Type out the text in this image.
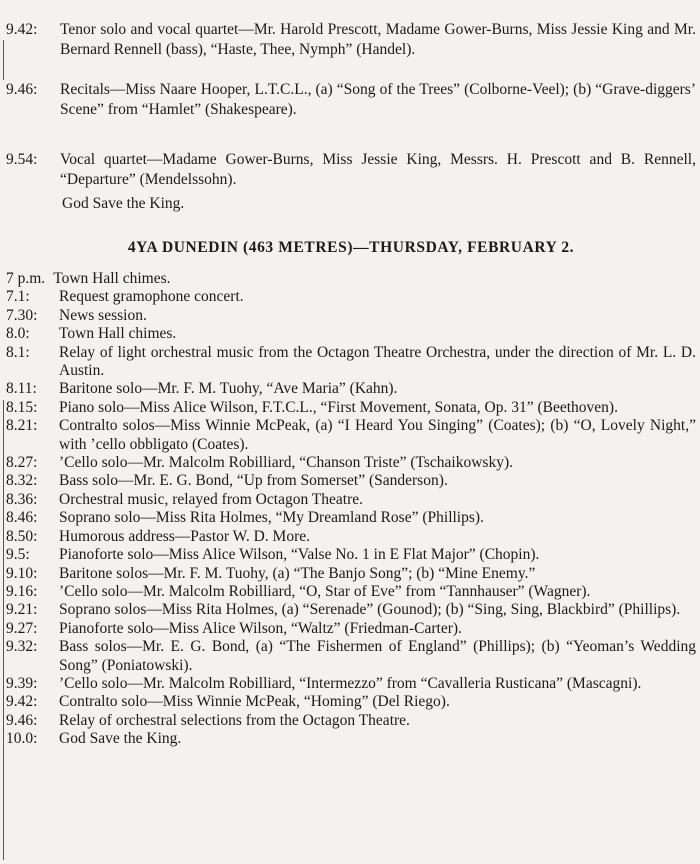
9.42:	Tenor solo and vocal quartet—Mr. Harold Prescott, Madame Gower-Burns, Miss Jessie King and Mr. Bernard Rennell (bass), “Haste, Thee, Nymph” (Handel).
9.46:	Recitals—Miss Naare Hooper, L.T.C.L., (a) “Song of the Trees” (Colborne-Veel); (b) “Grave-diggers’ Scene” from “Hamlet” (Shakespeare).
9.54:	Vocal quartet—Madame Gower-Burns, Miss Jessie King, Messrs. H. Prescott and B. Rennell, “Departure” (Mendelssohn).
God Save the King.
4YA DUNEDIN (463 METRES)—THURSDAY, FEBRUARY 2.
7 p.m. Town Hall chimes.
7.1:	Request gramophone concert.
7.30:	News session.
8.0:	Town Hall chimes.
8.1:	Relay of light orchestral music from the Octagon Theatre Orchestra, under the direction of Mr. L. D. Austin.
8.11:	Baritone solo—Mr. F. M. Tuohy, “Ave Maria” (Kahn).
8.15:	Piano solo—Miss Alice Wilson, F.T.C.L., “First Movement, Sonata, Op. 31” (Beethoven).
8.21:	Contralto solos—Miss Winnie McPeak, (a) “I Heard You Singing” (Coates); (b) “O, Lovely Night,” with ’cello obbligato (Coates).
8.27:	’Cello solo—Mr. Malcolm Robilliard, “Chanson Triste” (Tschaikowsky).
8.32:	Bass solo—Mr. E. G. Bond, “Up from Somerset” (Sanderson).
8.36:	Orchestral music, relayed from Octagon Theatre.
8.46:	Soprano solo—Miss Rita Holmes, “My Dreamland Rose” (Phillips).
8.50:	Humorous address—Pastor W. D. More.
9.5:	Pianoforte solo—Miss Alice Wilson, “Valse No. 1 in E Flat Major” (Chopin).
9.10:	Baritone solos—Mr. F. M. Tuohy, (a) “The Banjo Song”; (b) “Mine Enemy.”
9.16:	’Cello solo—Mr. Malcolm Robilliard, “O, Star of Eve” from “Tannhauser” (Wagner).
9.21:	Soprano solos—Miss Rita Holmes, (a) “Serenade” (Gounod); (b) “Sing, Sing, Blackbird” (Phillips).
9.27:	Pianoforte solo—Miss Alice Wilson, “Waltz” (Friedman-Carter).
9.32:	Bass solos—Mr. E. G. Bond, (a) “The Fishermen of England” (Phillips); (b) “Yeoman’s Wedding Song” (Poniatowski).
9.39:	’Cello solo—Mr. Malcolm Robilliard, “Intermezzo” from “Cavalleria Rusticana” (Mascagni).
9.42:	Contralto solo—Miss Winnie McPeak, “Homing” (Del Riego).
9.46:	Relay of orchestral selections from the Octagon Theatre.
10.0:	God Save the King.
